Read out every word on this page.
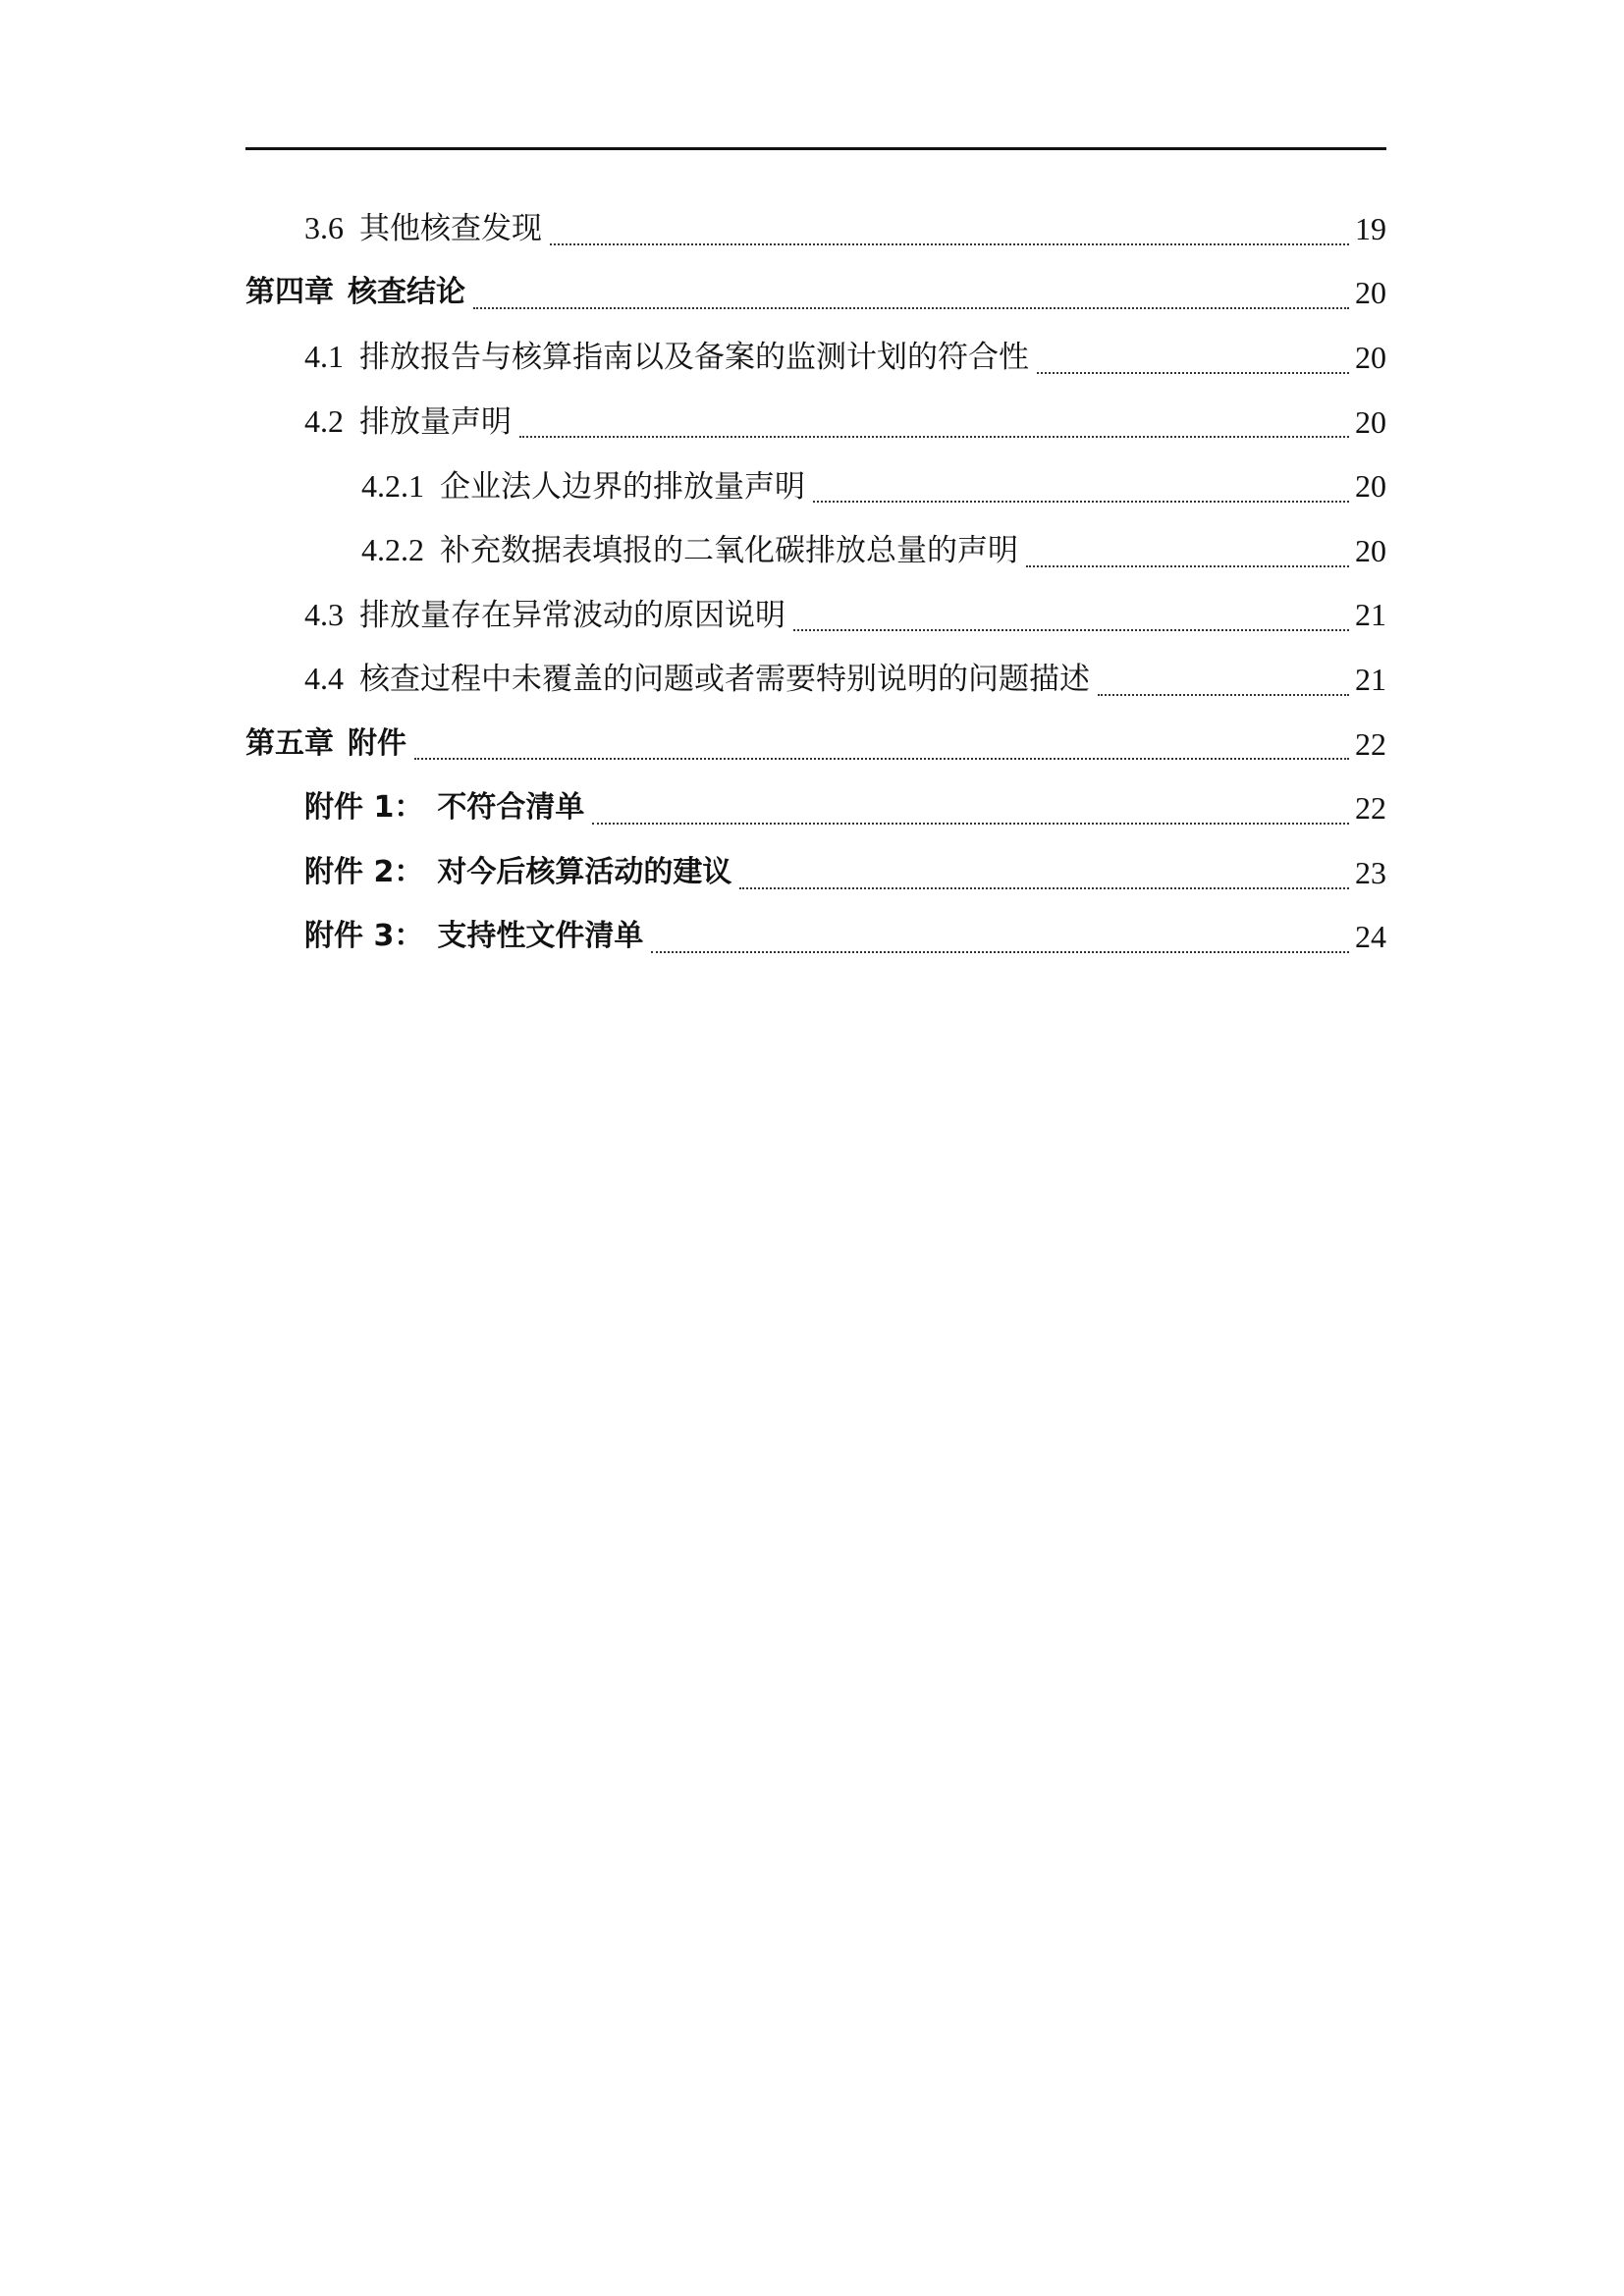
3.6 其他核查发现	19
第四章 核查结论	20
4.1 排放报告与核算指南以及备案的监测计划的符合性	20
4.2 排放量声明	20
4.2.1 企业法人边界的排放量声明	20
4.2.2 补充数据表填报的二氧化碳排放总量的声明	20
4.3 排放量存在异常波动的原因说明	21
4.4 核查过程中未覆盖的问题或者需要特别说明的问题描述	21
第五章 附件	22
附件 1： 不符合清单	22
附件 2： 对今后核算活动的建议	23
附件 3： 支持性文件清单	24
